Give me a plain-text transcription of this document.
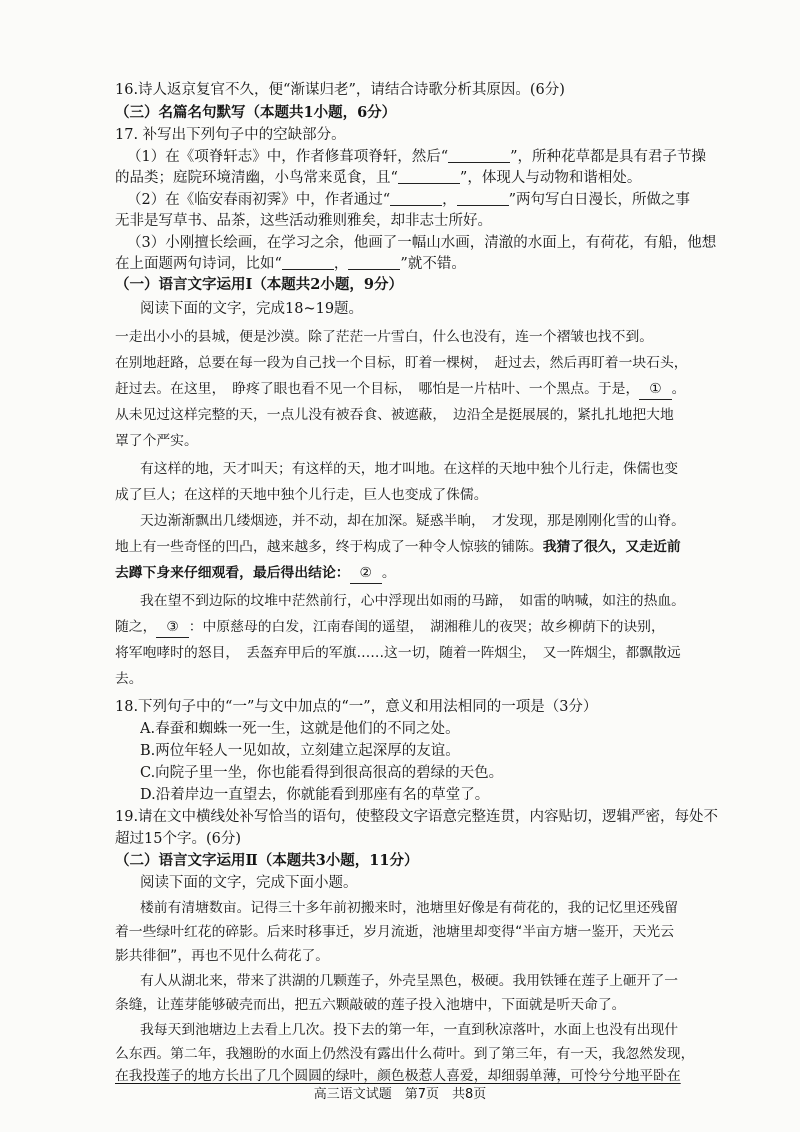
16.诗人返京复官不久，便“渐谋归老”，请结合诗歌分析其原因。(6分)
（三）名篇名句默写（本题共1小题，6分）
17. 补写出下列句子中的空缺部分。
（1）在《项脊轩志》中，作者修葺项脊轩，然后“	”，所种花草都是具有君子节操
的品类；庭院环境清幽，小鸟常来觅食，且“	”，体现人与动物和谐相处。
（2）在《临安春雨初霁》中，作者通过“	，	”两句写白日漫长，所做之事
无非是写草书、品茶，这些活动雅则雅矣，却非志士所好。
（3）小刚擅长绘画，在学习之余，他画了一幅山水画，清澈的水面上，有荷花，有船，他想
在上面题两句诗词，比如“	，	”就不错。
（一）语言文字运用Ⅰ（本题共2小题，9分）
阅读下面的文字，完成18~19题。
一走出小小的县城，便是沙漠。除了茫茫一片雪白，什么也没有，连一个褶皱也找不到。
在别地赶路，总要在每一段为自己找一个目标，盯着一棵树，　赶过去，然后再盯着一块石头，
赶过去。在这里，　睁疼了眼也看不见一个目标，　哪怕是一片枯叶、一个黑点。于是， ① 。
从未见过这样完整的天，一点儿没有被吞食、被遮蔽，　边沿全是挺展展的，紧扎扎地把大地
罩了个严实。
有这样的地，天才叫天；有这样的天，地才叫地。在这样的天地中独个儿行走，侏儒也变
成了巨人；在这样的天地中独个儿行走，巨人也变成了侏儒。
天边渐渐飘出几缕烟迹，并不动，却在加深。疑惑半晌，　才发现，那是刚刚化雪的山脊。
地上有一些奇怪的凹凸，越来越多，终于构成了一种令人惊骇的铺陈。我猜了很久，又走近前
去蹲下身来仔细观看，最后得出结论： ② 。
我在望不到边际的坟堆中茫然前行，心中浮现出如雨的马蹄，　如雷的呐喊，如注的热血。
随之， ③ ：中原慈母的白发，江南春闺的遥望，　湖湘稚儿的夜哭；故乡柳荫下的诀别，
将军咆哮时的怒目，　丢盔弃甲后的军旗……这一切，随着一阵烟尘，　又一阵烟尘，都飘散远
去。
18.下列句子中的“一”与文中加点的“一”，意义和用法相同的一项是（3分）
A.春蚕和蜘蛛一死一生，这就是他们的不同之处。
B.两位年轻人一见如故，立刻建立起深厚的友谊。
C.向院子里一坐，你也能看得到很高很高的碧绿的天色。
D.沿着岸边一直望去，你就能看到那座有名的草堂了。
19.请在文中横线处补写恰当的语句，使整段文字语意完整连贯，内容贴切，逻辑严密，每处不
超过15个字。(6分)
（二）语言文字运用Ⅱ（本题共3小题，11分）
阅读下面的文字，完成下面小题。
楼前有清塘数亩。记得三十多年前初搬来时，池塘里好像是有荷花的，我的记忆里还残留
着一些绿叶红花的碎影。后来时移事迁，岁月流逝，池塘里却变得“半亩方塘一鉴开，天光云
影共徘徊”，再也不见什么荷花了。
有人从湖北来，带来了洪湖的几颗莲子，外壳呈黑色，极硬。我用铁锤在莲子上砸开了一
条缝，让莲芽能够破壳而出，把五六颗敲破的莲子投入池塘中，下面就是听天命了。
我每天到池塘边上去看上几次。投下去的第一年，一直到秋凉落叶，水面上也没有出现什
么东西。第二年，我翘盼的水面上仍然没有露出什么荷叶。到了第三年，有一天，我忽然发现，
在我投莲子的地方长出了几个圆圆的绿叶，颜色极惹人喜爱，却细弱单薄，可怜兮兮地平卧在
高三语文试题　第7页　共8页
